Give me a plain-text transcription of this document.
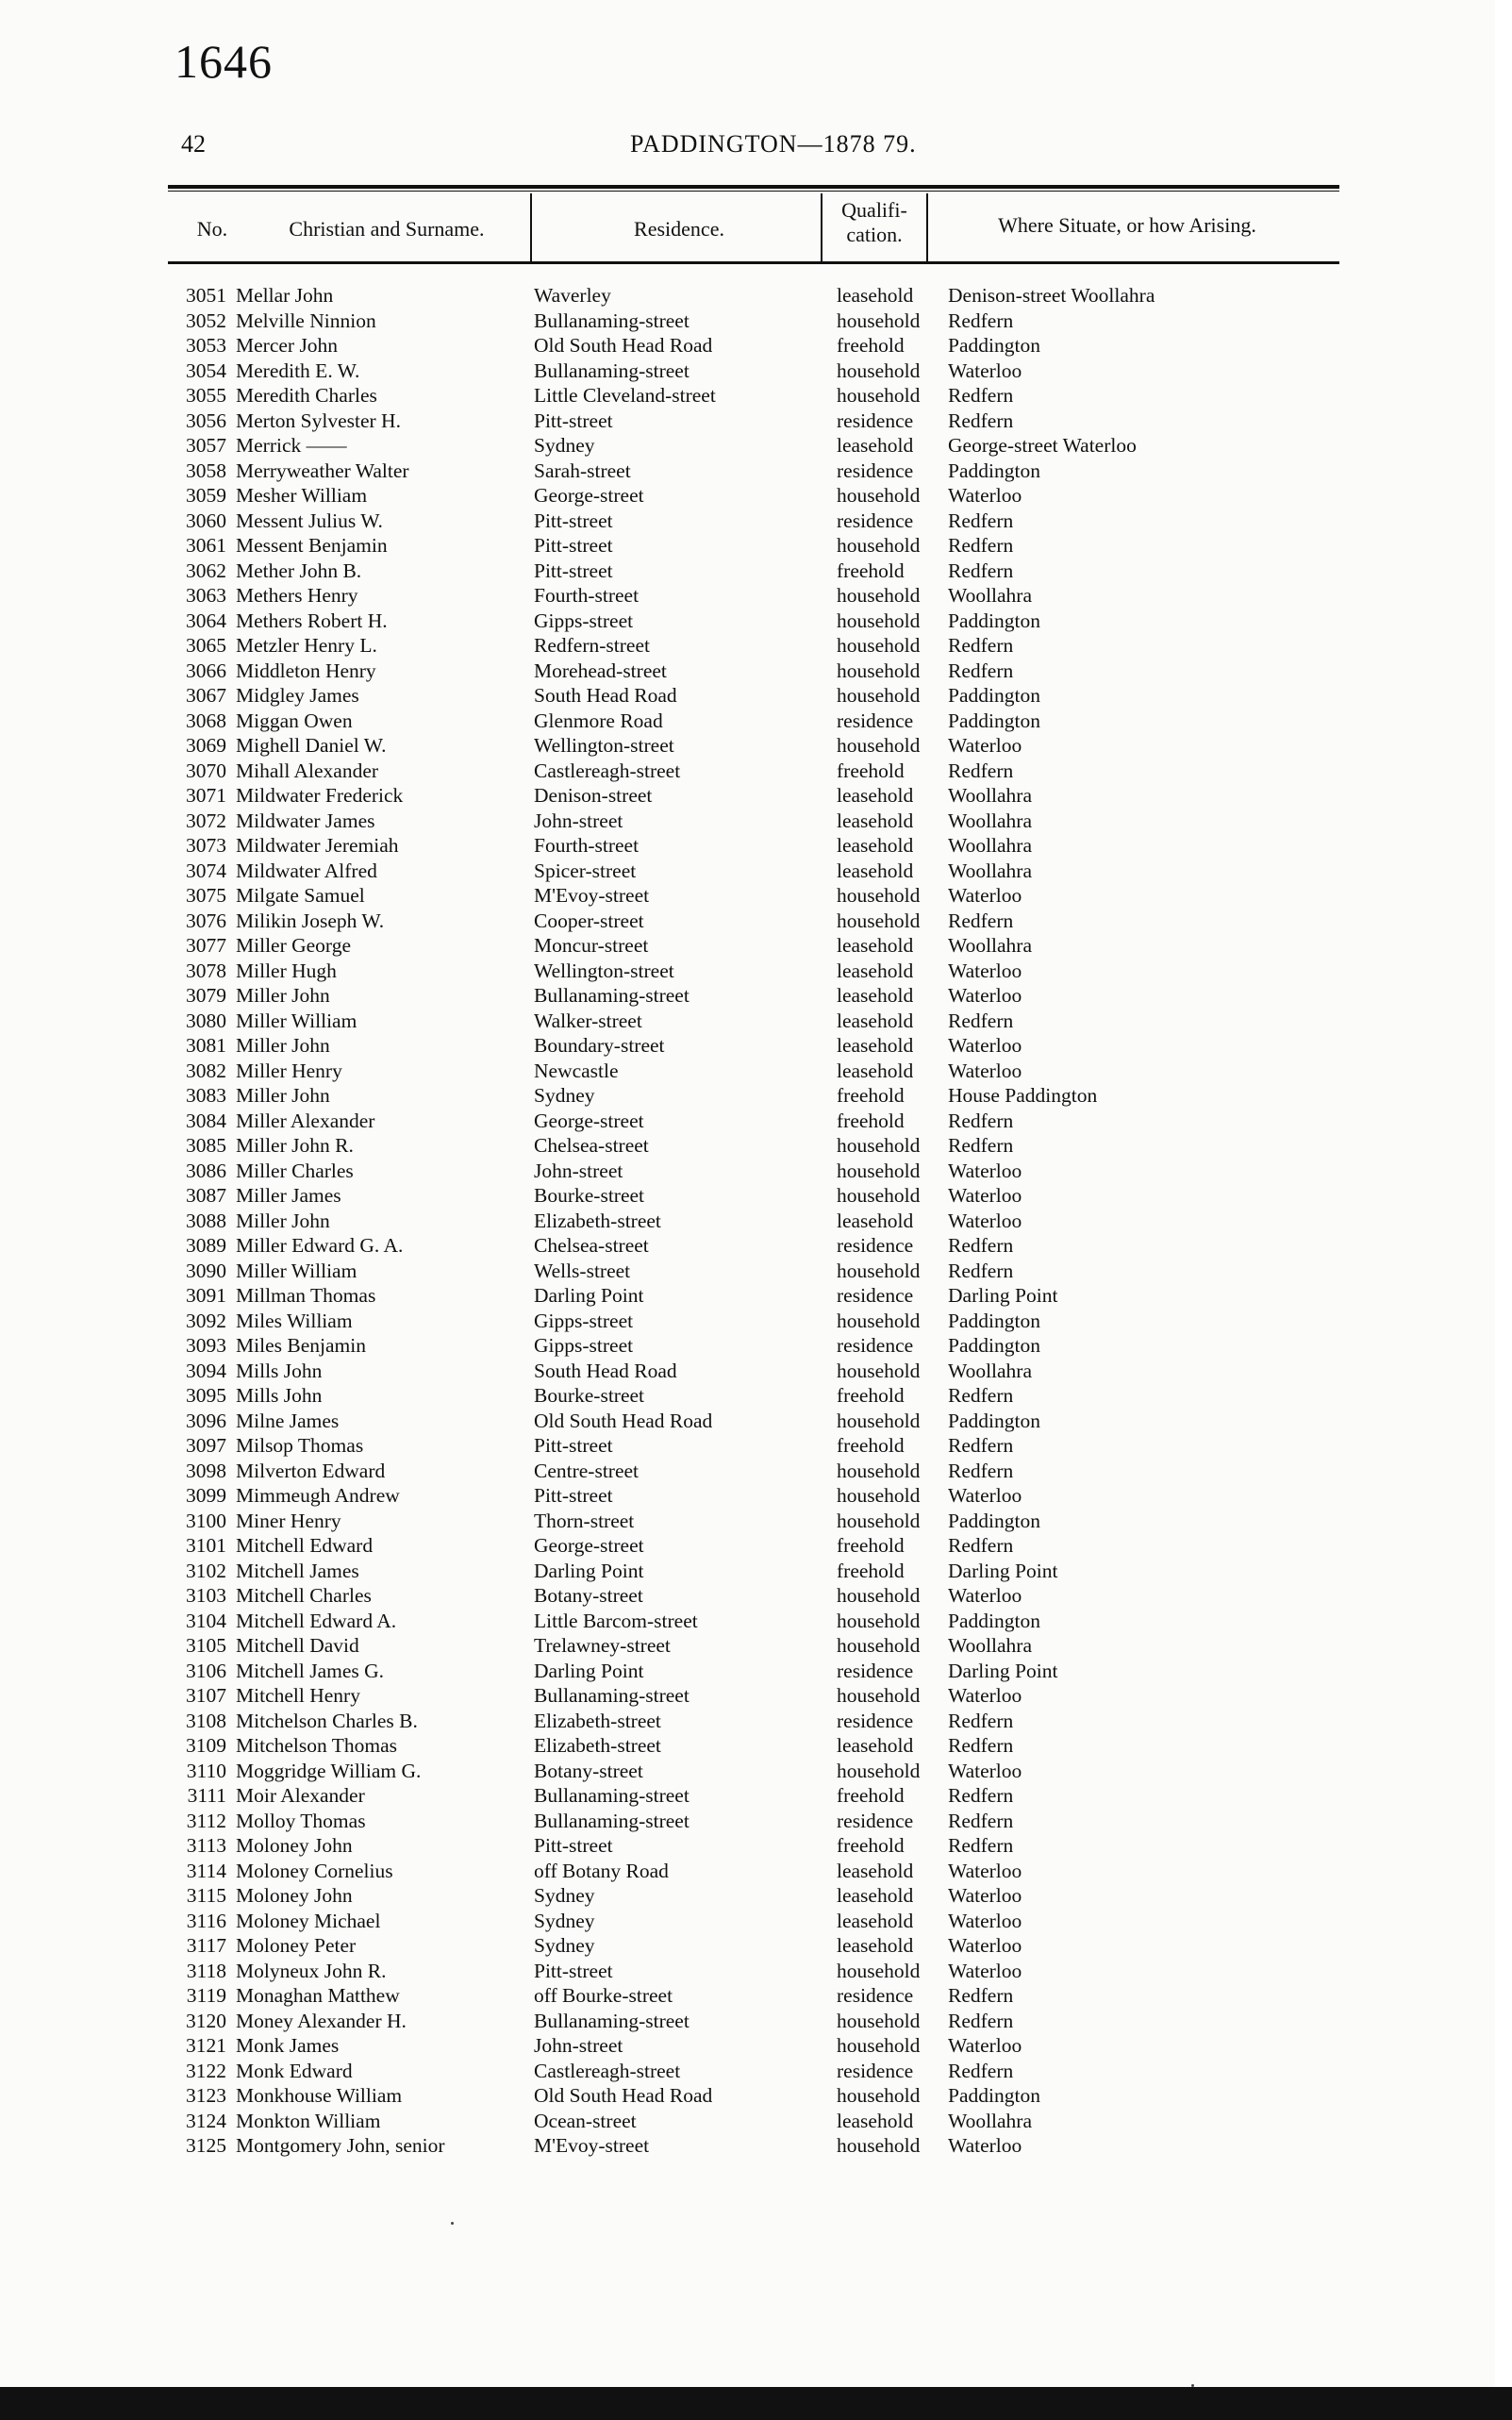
1646
42	PADDINGTON—1878 79.
No.	Christian and Surname.	Residence.
Qualifi-cation.	Where Situate, or how Arising.
3051 Mellar John	Waverley	leasehold Denison-street Woollahra
3052 Melville Ninnion	Bullanaming-street	household Redfern
3053 Mercer John	Old South Head Road	freehold Paddington
3054 Meredith E. W.	Bullanaming-street	household Waterloo
3055 Meredith Charles	Little Cleveland-street	household Redfern
3056 Merton Sylvester H.	Pitt-street	residence Redfern
3057 Merrick ——	Sydney	leasehold George-street Waterloo
3058 Merryweather Walter	Sarah-street	residence Paddington
3059 Mesher William	George-street	household Waterloo
3060 Messent Julius W.	Pitt-street	residence Redfern
3061 Messent Benjamin	Pitt-street	household Redfern
3062 Mether John B.	Pitt-street	freehold Redfern
3063 Methers Henry	Fourth-street	household Woollahra
3064 Methers Robert H.	Gipps-street	household Paddington
3065 Metzler Henry L.	Redfern-street	household Redfern
3066 Middleton Henry	Morehead-street	household Redfern
3067 Midgley James	South Head Road	household Paddington
3068 Miggan Owen	Glenmore Road	residence Paddington
3069 Mighell Daniel W.	Wellington-street	household Waterloo
3070 Mihall Alexander	Castlereagh-street	freehold Redfern
3071 Mildwater Frederick	Denison-street	leasehold Woollahra
3072 Mildwater James	John-street	leasehold Woollahra
3073 Mildwater Jeremiah	Fourth-street	leasehold Woollahra
3074 Mildwater Alfred	Spicer-street	leasehold Woollahra
3075 Milgate Samuel	M'Evoy-street	household Waterloo
3076 Milikin Joseph W.	Cooper-street	household Redfern
3077 Miller George	Moncur-street	leasehold Woollahra
3078 Miller Hugh	Wellington-street	leasehold Waterloo
3079 Miller John	Bullanaming-street	leasehold Waterloo
3080 Miller William	Walker-street	leasehold Redfern
3081 Miller John	Boundary-street	leasehold Waterloo
3082 Miller Henry	Newcastle	leasehold Waterloo
3083 Miller John	Sydney	freehold House Paddington
3084 Miller Alexander	George-street	freehold Redfern
3085 Miller John R.	Chelsea-street	household Redfern
3086 Miller Charles	John-street	household Waterloo
3087 Miller James	Bourke-street	household Waterloo
3088 Miller John	Elizabeth-street	leasehold Waterloo
3089 Miller Edward G. A.	Chelsea-street	residence Redfern
3090 Miller William	Wells-street	household Redfern
3091 Millman Thomas	Darling Point	residence Darling Point
3092 Miles William	Gipps-street	household Paddington
3093 Miles Benjamin	Gipps-street	residence Paddington
3094 Mills John	South Head Road	household Woollahra
3095 Mills John	Bourke-street	freehold Redfern
3096 Milne James	Old South Head Road	household Paddington
3097 Milsop Thomas	Pitt-street	freehold Redfern
3098 Milverton Edward	Centre-street	household Redfern
3099 Mimmeugh Andrew	Pitt-street	household Waterloo
3100 Miner Henry	Thorn-street	household Paddington
3101 Mitchell Edward	George-street	freehold Redfern
3102 Mitchell James	Darling Point	freehold Darling Point
3103 Mitchell Charles	Botany-street	household Waterloo
3104 Mitchell Edward A.	Little Barcom-street	household Paddington
3105 Mitchell David	Trelawney-street	household Woollahra
3106 Mitchell James G.	Darling Point	residence Darling Point
3107 Mitchell Henry	Bullanaming-street	household Waterloo
3108 Mitchelson Charles B.	Elizabeth-street	residence Redfern
3109 Mitchelson Thomas	Elizabeth-street	leasehold Redfern
3110 Moggridge William G.	Botany-street	household Waterloo
3111 Moir Alexander	Bullanaming-street	freehold Redfern
3112 Molloy Thomas	Bullanaming-street	residence Redfern
3113 Moloney John	Pitt-street	freehold Redfern
3114 Moloney Cornelius	off Botany Road	leasehold Waterloo
3115 Moloney John	Sydney	leasehold Waterloo
3116 Moloney Michael	Sydney	leasehold Waterloo
3117 Moloney Peter	Sydney	leasehold Waterloo
3118 Molyneux John R.	Pitt-street	household Waterloo
3119 Monaghan Matthew	off Bourke-street	residence Redfern
3120 Money Alexander H.	Bullanaming-street	household Redfern
3121 Monk James	John-street	household Waterloo
3122 Monk Edward	Castlereagh-street	residence Redfern
3123 Monkhouse William	Old South Head Road	household Paddington
3124 Monkton William	Ocean-street	leasehold Woollahra
3125 Montgomery John, senior	M'Evoy-street	household Waterloo
